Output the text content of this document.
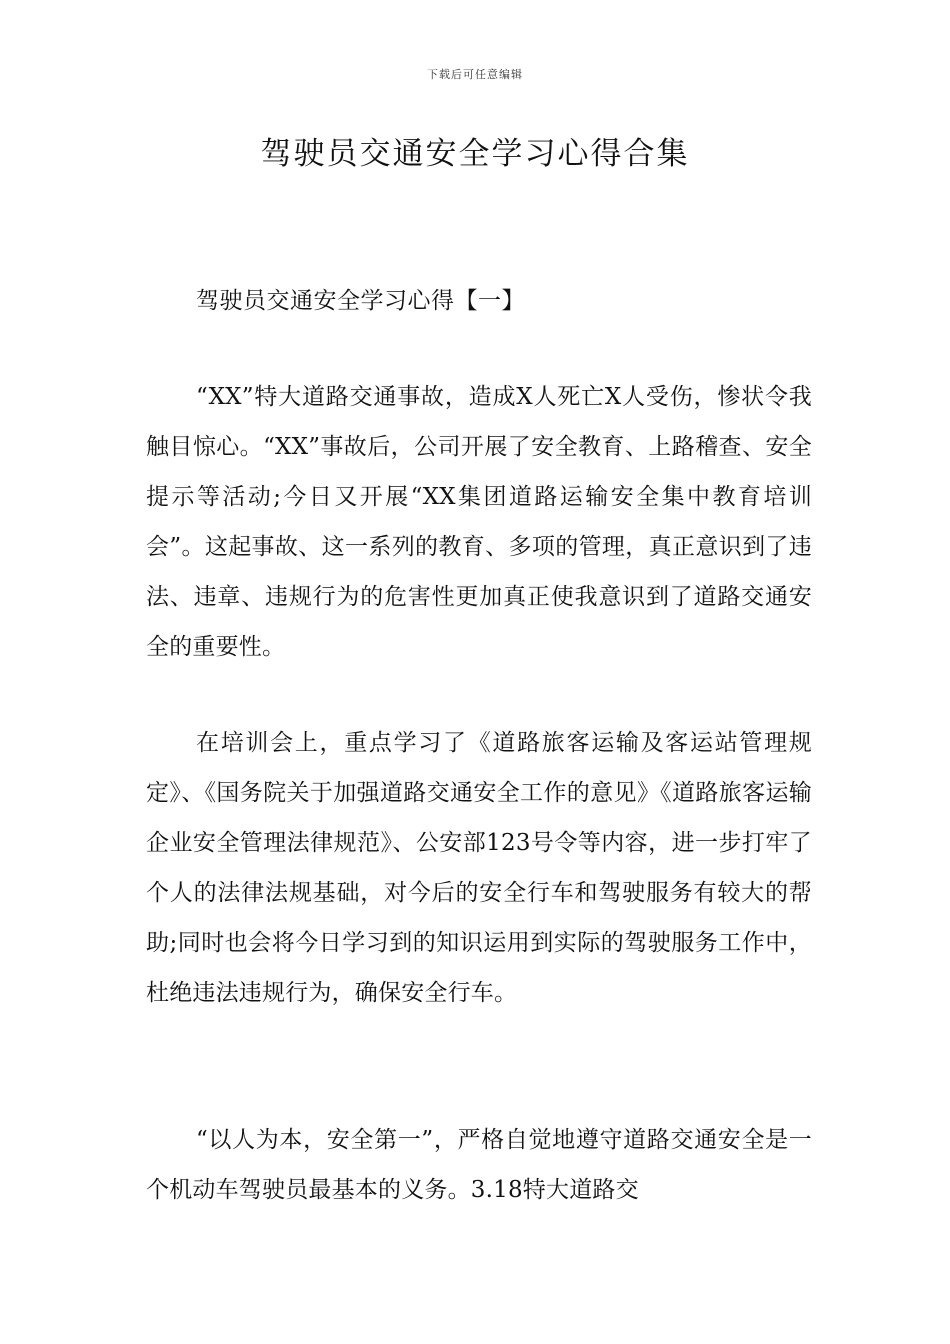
下载后可任意编辑
驾驶员交通安全学习心得合集
驾驶员交通安全学习心得【一】

“XX”特大道路交通事故，造成X人死亡X人受伤，惨状令我触目惊心。“XX”事故后，公司开展了安全教育、上路稽查、安全提示等活动;今日又开展“XX集团道路运输安全集中教育培训会”。这起事故、这一系列的教育、多项的管理，真正意识到了违法、违章、违规行为的危害性更加真正使我意识到了道路交通安全的重要性。

在培训会上，重点学习了《道路旅客运输及客运站管理规定》、《国务院关于加强道路交通安全工作的意见》《道路旅客运输企业安全管理法律规范》、公安部123号令等内容，进一步打牢了个人的法律法规基础，对今后的安全行车和驾驶服务有较大的帮助;同时也会将今日学习到的知识运用到实际的驾驶服务工作中，杜绝违法违规行为，确保安全行车。

“以人为本，安全第一”，严格自觉地遵守道路交通安全是一个机动车驾驶员最基本的义务。3.18特大道路交
